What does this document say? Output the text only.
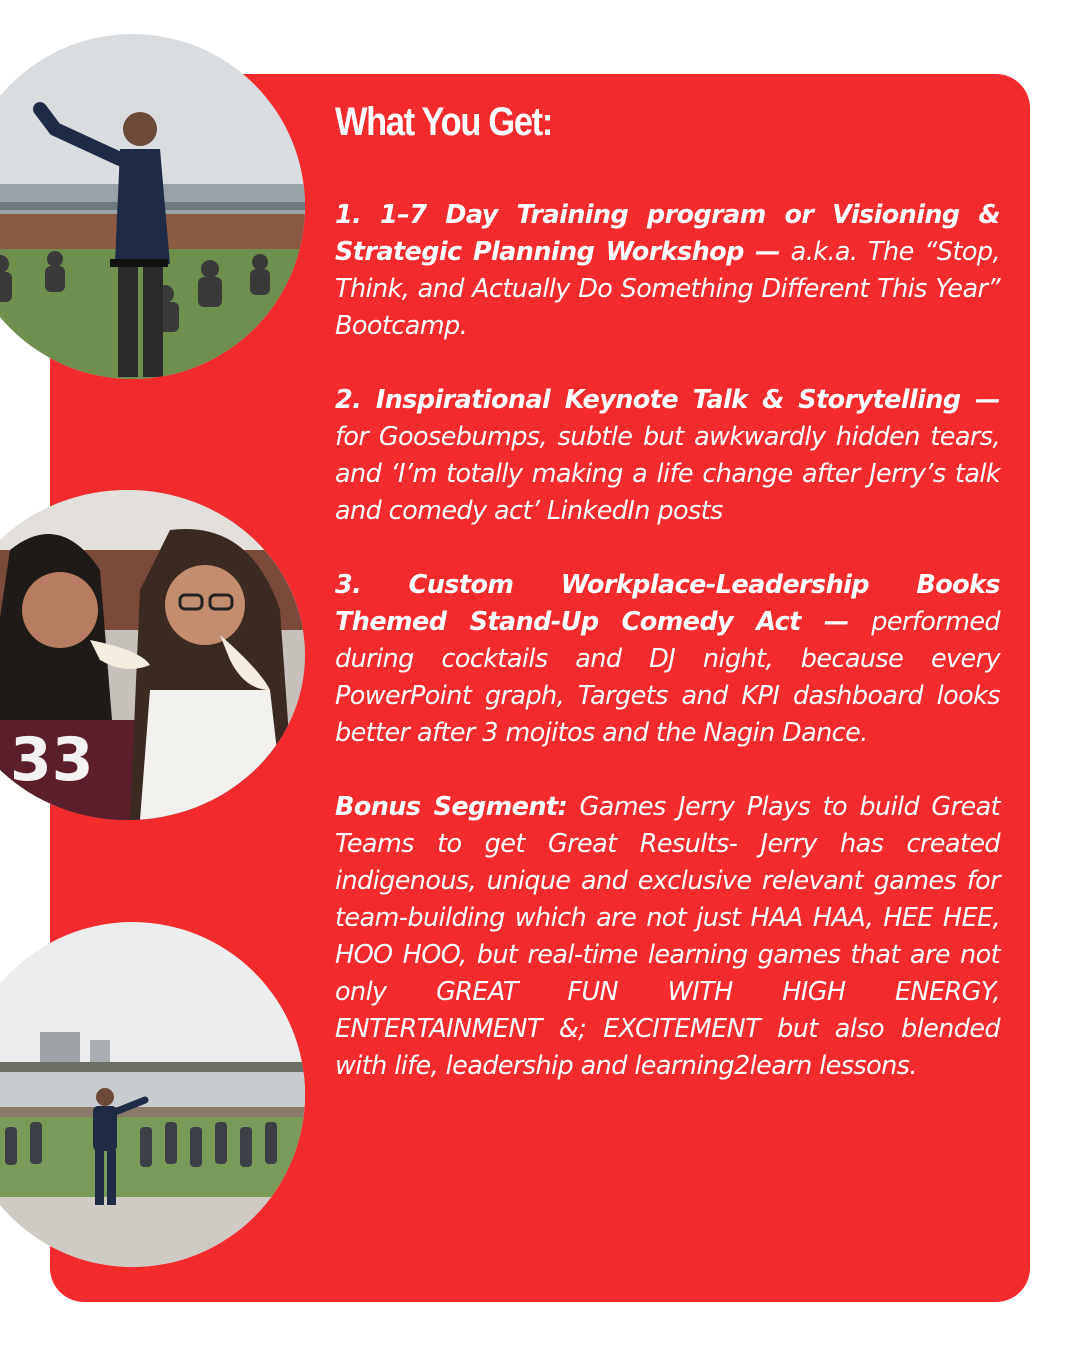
33
What You Get:

1. 1–7 Day Training program or Visioning & Strategic Planning Workshop — a.k.a. The “Stop, Think, and Actually Do Something Different This Year” Bootcamp.

2. Inspirational Keynote Talk & Storytelling — for Goosebumps, subtle but awkwardly hidden tears, and ‘I’m totally making a life change after Jerry’s talk and comedy act’ LinkedIn posts

3. Custom Workplace-Leadership Books Themed Stand-Up Comedy Act — performed during cocktails and DJ night, because every PowerPoint graph, Targets and KPI dashboard looks better after 3 mojitos and the Nagin Dance.

Bonus Segment: Games Jerry Plays to build Great Teams to get Great Results- Jerry has created indigenous, unique and exclusive relevant games for team-building which are not just HAA HAA, HEE HEE, HOO HOO, but real-time learning games that are not only GREAT FUN WITH HIGH ENERGY, ENTERTAINMENT &; EXCITEMENT but also blended with life, leadership and learning2learn lessons.
